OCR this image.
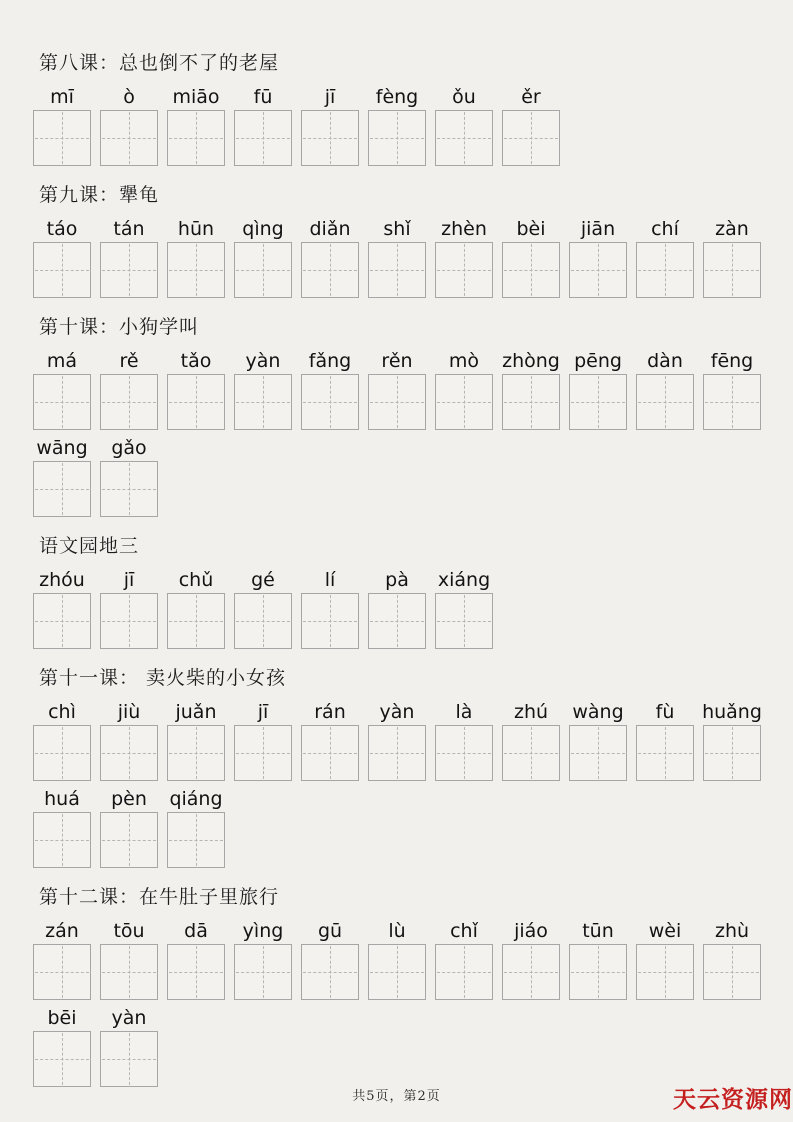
第八课：总也倒不了的老屋
mī	ò miāo fū	jī fèng ǒu ěr
第九课：犟龟
táo tán hūn qìng diǎn shǐ zhèn bèi jiān chí zàn
第十课：小狗学叫
má rě tǎo yàn fǎng rěn mò zhòng pēng dàn fēng
wāng gǎo
语文园地三
zhóu jī chǔ gé	lí	pà xiáng
第十一课： 卖火柴的小女孩
chì jiù juǎn jī rán yàn là zhú wàng fù huǎng
huá pèn qiáng
第十二课：在牛肚子里旅行
zán tōu dā yìng gū lù chǐ jiáo tūn wèi zhù
bēi yàn
共5页，第2页	天云资源网
